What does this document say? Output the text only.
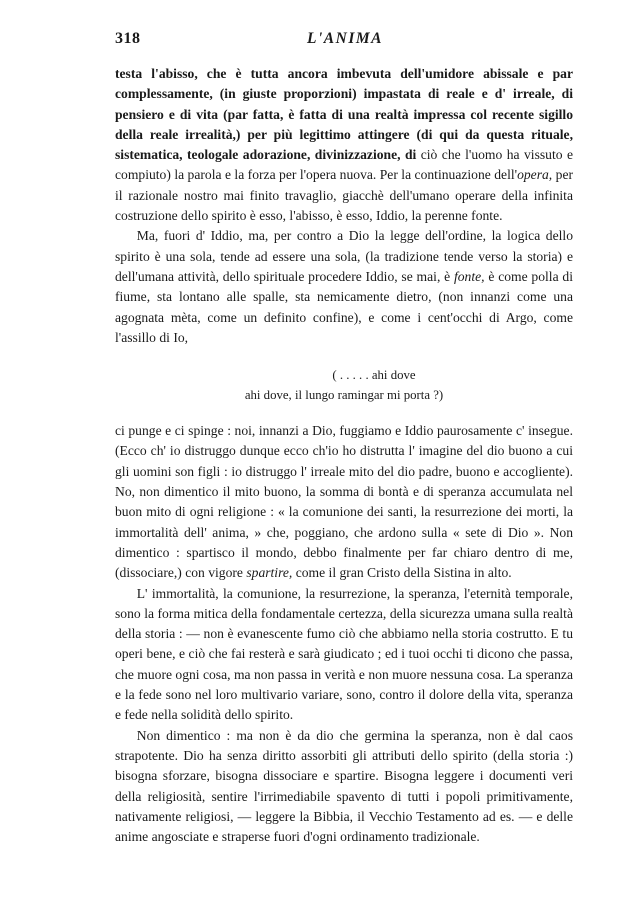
318	L'ANIMA

testa l'abisso, che è tutta ancora imbevuta dell'umidore abissale e par complessamente, (in giuste proporzioni) impastata di reale e d' irreale, di pensiero e di vita (par fatta, è fatta di una realtà impressa col recente sigillo della reale irrealità,) per più legittimo attingere (di qui da questa rituale, sistematica, teologale adorazione, divinizzazione, di ciò che l'uomo ha vissuto e compiuto) la parola e la forza per l'opera nuova. Per la continuazione dell'opera, per il razionale nostro mai finito travaglio, giacchè dell'umano operare della infinita costruzione dello spirito è esso, l'abisso, è esso, Iddio, la perenne fonte.

Ma, fuori d' Iddio, ma, per contro a Dio la legge dell'ordine, la logica dello spirito è una sola, tende ad essere una sola, (la tradizione tende verso la storia) e dell'umana attività, dello spirituale procedere Iddio, se mai, è fonte, è come polla di fiume, sta lontano alle spalle, sta nemicamente dietro, (non innanzi come una agognata mèta, come un definito confine), e come i cent'occhi di Argo, come l'assillo di Io,

( . . . . . ahi dove
ahi dove, il lungo ramingar mi porta ?)

ci punge e ci spinge : noi, innanzi a Dio, fuggiamo e Iddio paurosamente c' insegue. (Ecco ch' io distruggo dunque ecco ch'io ho distrutta l' imagine del dio buono a cui gli uomini son figli : io distruggo l' irreale mito del dio padre, buono e accogliente). No, non dimentico il mito buono, la somma di bontà e di speranza accumulata nel buon mito di ogni religione : « la comunione dei santi, la resurrezione dei morti, la immortalità dell' anima, » che, poggiano, che ardono sulla « sete di Dio ». Non dimentico : spartisco il mondo, debbo finalmente per far chiaro dentro di me, (dissociare,) con vigore spartire, come il gran Cristo della Sistina in alto.

L' immortalità, la comunione, la resurrezione, la speranza, l'eternità temporale, sono la forma mitica della fondamentale certezza, della sicurezza umana sulla realtà della storia : — non è evanescente fumo ciò che abbiamo nella storia costrutto. E tu operi bene, e ciò che fai resterà e sarà giudicato ; ed i tuoi occhi ti dicono che passa, che muore ogni cosa, ma non passa in verità e non muore nessuna cosa. La speranza e la fede sono nel loro multivario variare, sono, contro il dolore della vita, speranza e fede nella solidità dello spirito.

Non dimentico : ma non è da dio che germina la speranza, non è dal caos strapotente. Dio ha senza diritto assorbiti gli attributi dello spirito (della storia :) bisogna sforzare, bisogna dissociare e spartire. Bisogna leggere i documenti veri della religiosità, sentire l'irrimediabile spavento di tutti i popoli primitivamente, nativamente religiosi, — leggere la Bibbia, il Vecchio Testamento ad es. — e delle anime angosciate e straperse fuori d'ogni ordinamento tradizionale.
